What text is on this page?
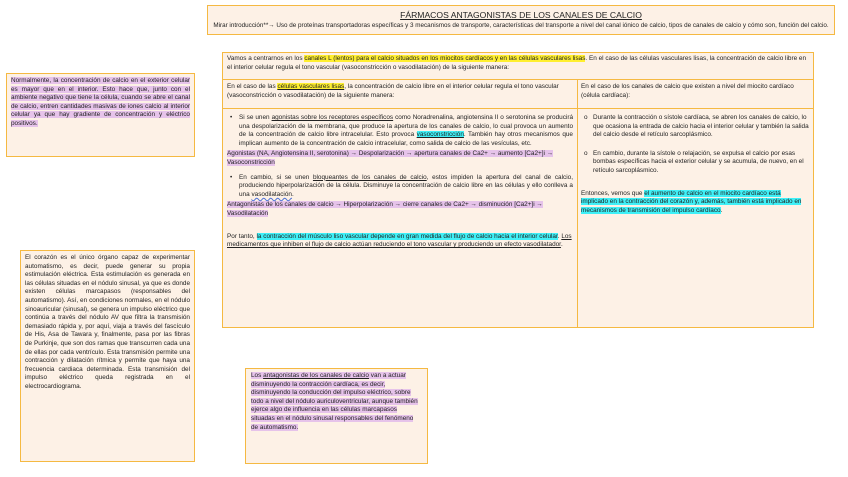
FÁRMACOS ANTAGONISTAS DE LOS CANALES DE CALCIO

Mirar introducción**→ Uso de proteínas transportadoras específicas y 3 mecanismos de transporte, características del transporte a nivel del canal iónico de calcio, tipos de canales de calcio y cómo son, función del calcio.

Normalmente, la concentración de calcio en el exterior celular es mayor que en el interior. Esto hace que, junto con el ambiente negativo que tiene la célula, cuando se abre el canal de calcio, entren cantidades masivas de iones calcio al interior celular ya que hay gradiente de concentración y eléctrico positivos.

El corazón es el único órgano capaz de experimentar automatismo, es decir, puede generar su propia estimulación eléctrica. Esta estimulación es generada en las células situadas en el nódulo sinusal, ya que es donde existen células marcapasos (responsables del automatismo). Así, en condiciones normales, en el nódulo sinoauricular (sinusal), se genera un impulso eléctrico que continúa a través del nódulo AV que filtra la transmisión demasiado rápida y, por aquí, viaja a través del fascículo de His, Asa de Tawara y, finalmente, pasa por las fibras de Purkinje, que son dos ramas que transcurren cada una de ellas por cada ventrículo. Esta transmisión permite una contracción y dilatación rítmica y permite que haya una frecuencia cardiaca determinada. Esta transmisión del impulso eléctrico queda registrada en el electrocardiograma.

Vamos a centrarnos en los canales L (lentos) para el calcio situados en los miocitos cardíacos y en las células vasculares lisas. En el caso de las células vasculares lisas, la concentración de calcio libre en el interior celular regula el tono vascular (vasoconstricción o vasodilatación) de la siguiente manera:

En el caso de las células vasculares lisas, la concentración de calcio libre en el interior celular regula el tono vascular (vasoconstricción o vasodilatación) de la siguiente manera:

• Si se unen agonistas sobre los receptores específicos como Noradrenalina, angiotensina II o serotonina se producirá una despolarización de la membrana, que produce la apertura de los canales de calcio, lo cual provoca un aumento de la concentración de calcio libre intracelular. Esto provoca vasoconstricción. También hay otros mecanismos que implican aumento de la concentración de calcio intracelular, como salida de calcio de las vesículas, etc.

Agonistas (NA, Angiotensina II, serotonina) → Despolarización → apertura canales de Ca2+ → aumento [Ca2+]i → Vasoconstricción

• En cambio, si se unen bloqueantes de los canales de calcio, estos impiden la apertura del canal de calcio, produciendo hiperpolarización de la célula. Disminuye la concentración de calcio libre en las células y ello conlleva a una vasodilatación.

Antagonistas de los canales de calcio → Hiperpolarización → cierre canales de Ca2+ → disminución [Ca2+]i → Vasodilatación

Por tanto, la contracción del músculo liso vascular depende en gran medida del flujo de calcio hacia el interior celular. Los medicamentos que inhiben el flujo de calcio actúan reduciendo el tono vascular y produciendo un efecto vasodilatador.

En el caso de los canales de calcio que existen a nivel del miocito cardíaco (célula cardíaca):

o Durante la contracción o sístole cardíaca, se abren los canales de calcio, lo que ocasiona la entrada de calcio hacia el interior celular y también la salida del calcio desde el retículo sarcoplásmico.

o En cambio, durante la sístole o relajación, se expulsa el calcio por esas bombas específicas hacia el exterior celular y se acumula, de nuevo, en el retículo sarcoplásmico.

Entonces, vemos que el aumento de calcio en el miocito cardíaco está implicado en la contracción del corazón y, además, también está implicado en mecanismos de transmisión del impulso cardíaco.

Los antagonistas de los canales de calcio van a actuar disminuyendo la contracción cardíaca, es decir, disminuyendo la conducción del impulso eléctrico, sobre todo a nivel del nódulo auriculoventricular, aunque también ejerce algo de influencia en las células marcapasos situadas en el nódulo sinusal responsables del fenómeno de automatismo.
